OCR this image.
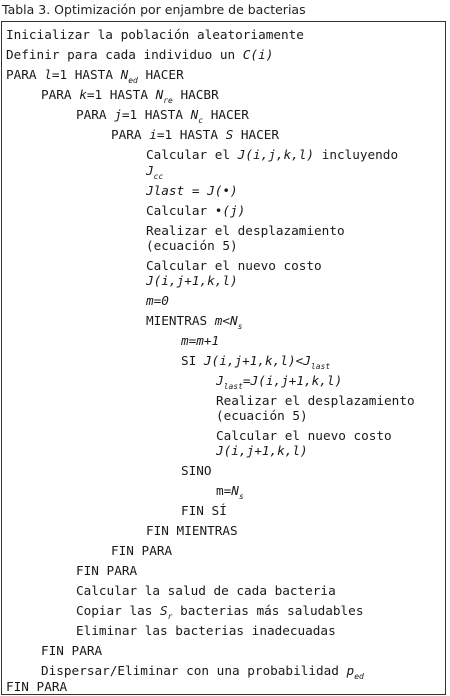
Tabla 3. Optimización por enjambre de bacterias
Inicializar la población aleatoriamente
Definir para cada individuo un C(i)
PARA l=1 HASTA $N_{ed}$ HACER
PARA k=1 HASTA $N_{re}$ HACBR
PARA j=1 HASTA $N_c$ HACER
PARA i=1 HASTA S HACER
Calcular el J(i,j,k,l) incluyendo
$J_{cc}$
Jlast = J(•)
Calcular •(j)
Realizar el desplazamiento
(ecuación 5)
Calcular el nuevo costo
J(i,j+1,k,l)
m=0
MIENTRAS $m<N_s$
m=m+1
SI $J(i,j+1,k,l)<J_{last}$
$J_{last}=J(i,j+1,k,l)$
Realizar el desplazamiento
(ecuación 5)
Calcular el nuevo costo
J(i,j+1,k,l)
SINO
$m=N_s$
FIN SÍ
FIN MIENTRAS
FIN PARA
FIN PARA
Calcular la salud de cada bacteria
Copiar las $S_r$ bacterias más saludables
Eliminar las bacterias inadecuadas
FIN PARA
Dispersar/Eliminar con una probabilidad $p_{ed}$
FIN PARA
